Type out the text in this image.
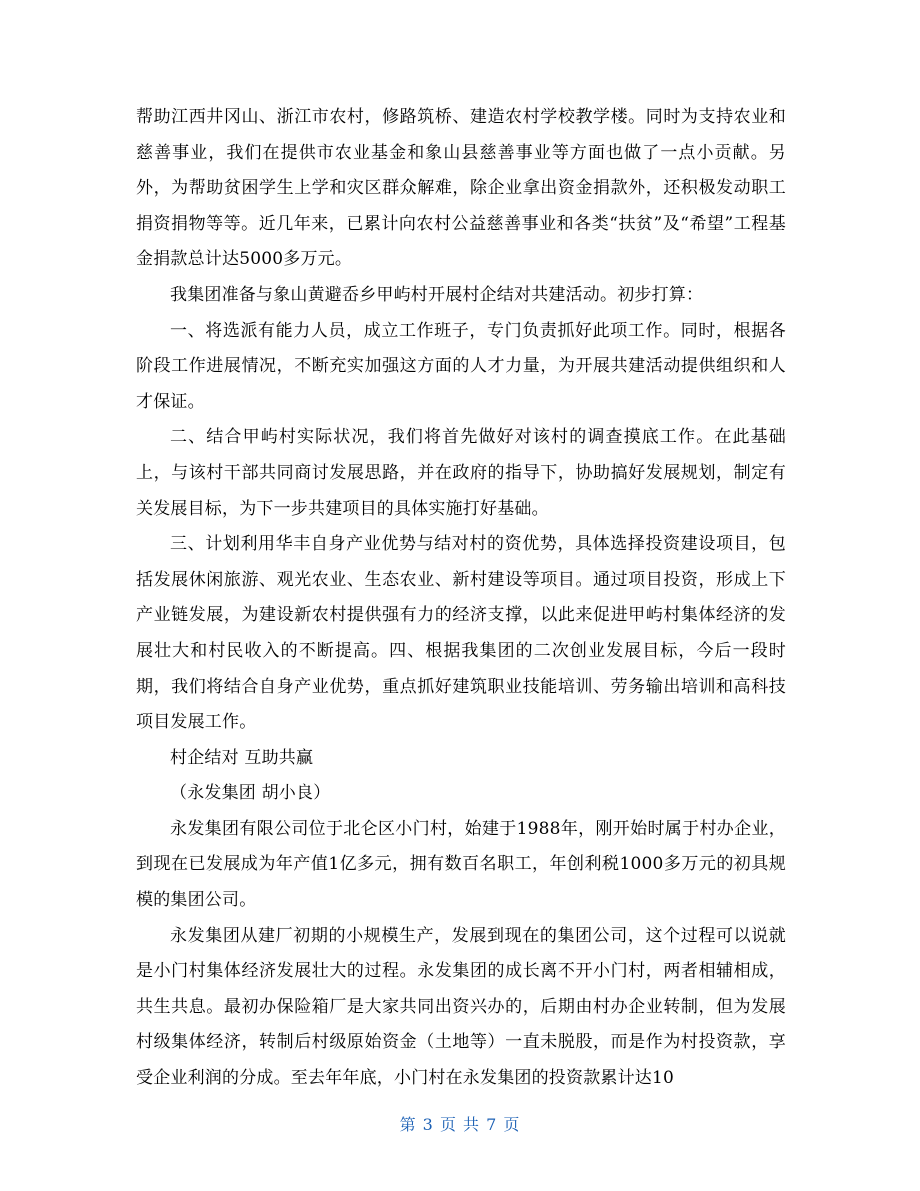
帮助江西井冈山、浙江市农村，修路筑桥、建造农村学校教学楼。同时为支持农业和慈善事业，我们在提供市农业基金和象山县慈善事业等方面也做了一点小贡献。另外，为帮助贫困学生上学和灾区群众解难，除企业拿出资金捐款外，还积极发动职工捐资捐物等等。近几年来，已累计向农村公益慈善事业和各类“扶贫”及“希望”工程基金捐款总计达5000多万元。

我集团准备与象山黄避岙乡甲屿村开展村企结对共建活动。初步打算：

一、将选派有能力人员，成立工作班子，专门负责抓好此项工作。同时，根据各阶段工作进展情况，不断充实加强这方面的人才力量，为开展共建活动提供组织和人才保证。

二、结合甲屿村实际状况，我们将首先做好对该村的调查摸底工作。在此基础上，与该村干部共同商讨发展思路，并在政府的指导下，协助搞好发展规划，制定有关发展目标，为下一步共建项目的具体实施打好基础。

三、计划利用华丰自身产业优势与结对村的资优势，具体选择投资建设项目，包括发展休闲旅游、观光农业、生态农业、新村建设等项目。通过项目投资，形成上下产业链发展，为建设新农村提供强有力的经济支撑，以此来促进甲屿村集体经济的发展壮大和村民收入的不断提高。四、根据我集团的二次创业发展目标，今后一段时期，我们将结合自身产业优势，重点抓好建筑职业技能培训、劳务输出培训和高科技项目发展工作。

村企结对 互助共赢

（永发集团 胡小良）

永发集团有限公司位于北仑区小门村，始建于1988年，刚开始时属于村办企业，到现在已发展成为年产值1亿多元，拥有数百名职工，年创利税1000多万元的初具规模的集团公司。

永发集团从建厂初期的小规模生产，发展到现在的集团公司，这个过程可以说就是小门村集体经济发展壮大的过程。永发集团的成长离不开小门村，两者相辅相成，共生共息。最初办保险箱厂是大家共同出资兴办的，后期由村办企业转制，但为发展村级集体经济，转制后村级原始资金（土地等）一直未脱股，而是作为村投资款，享受企业利润的分成。至去年年底，小门村在永发集团的投资款累计达10

第 3 页 共 7 页
